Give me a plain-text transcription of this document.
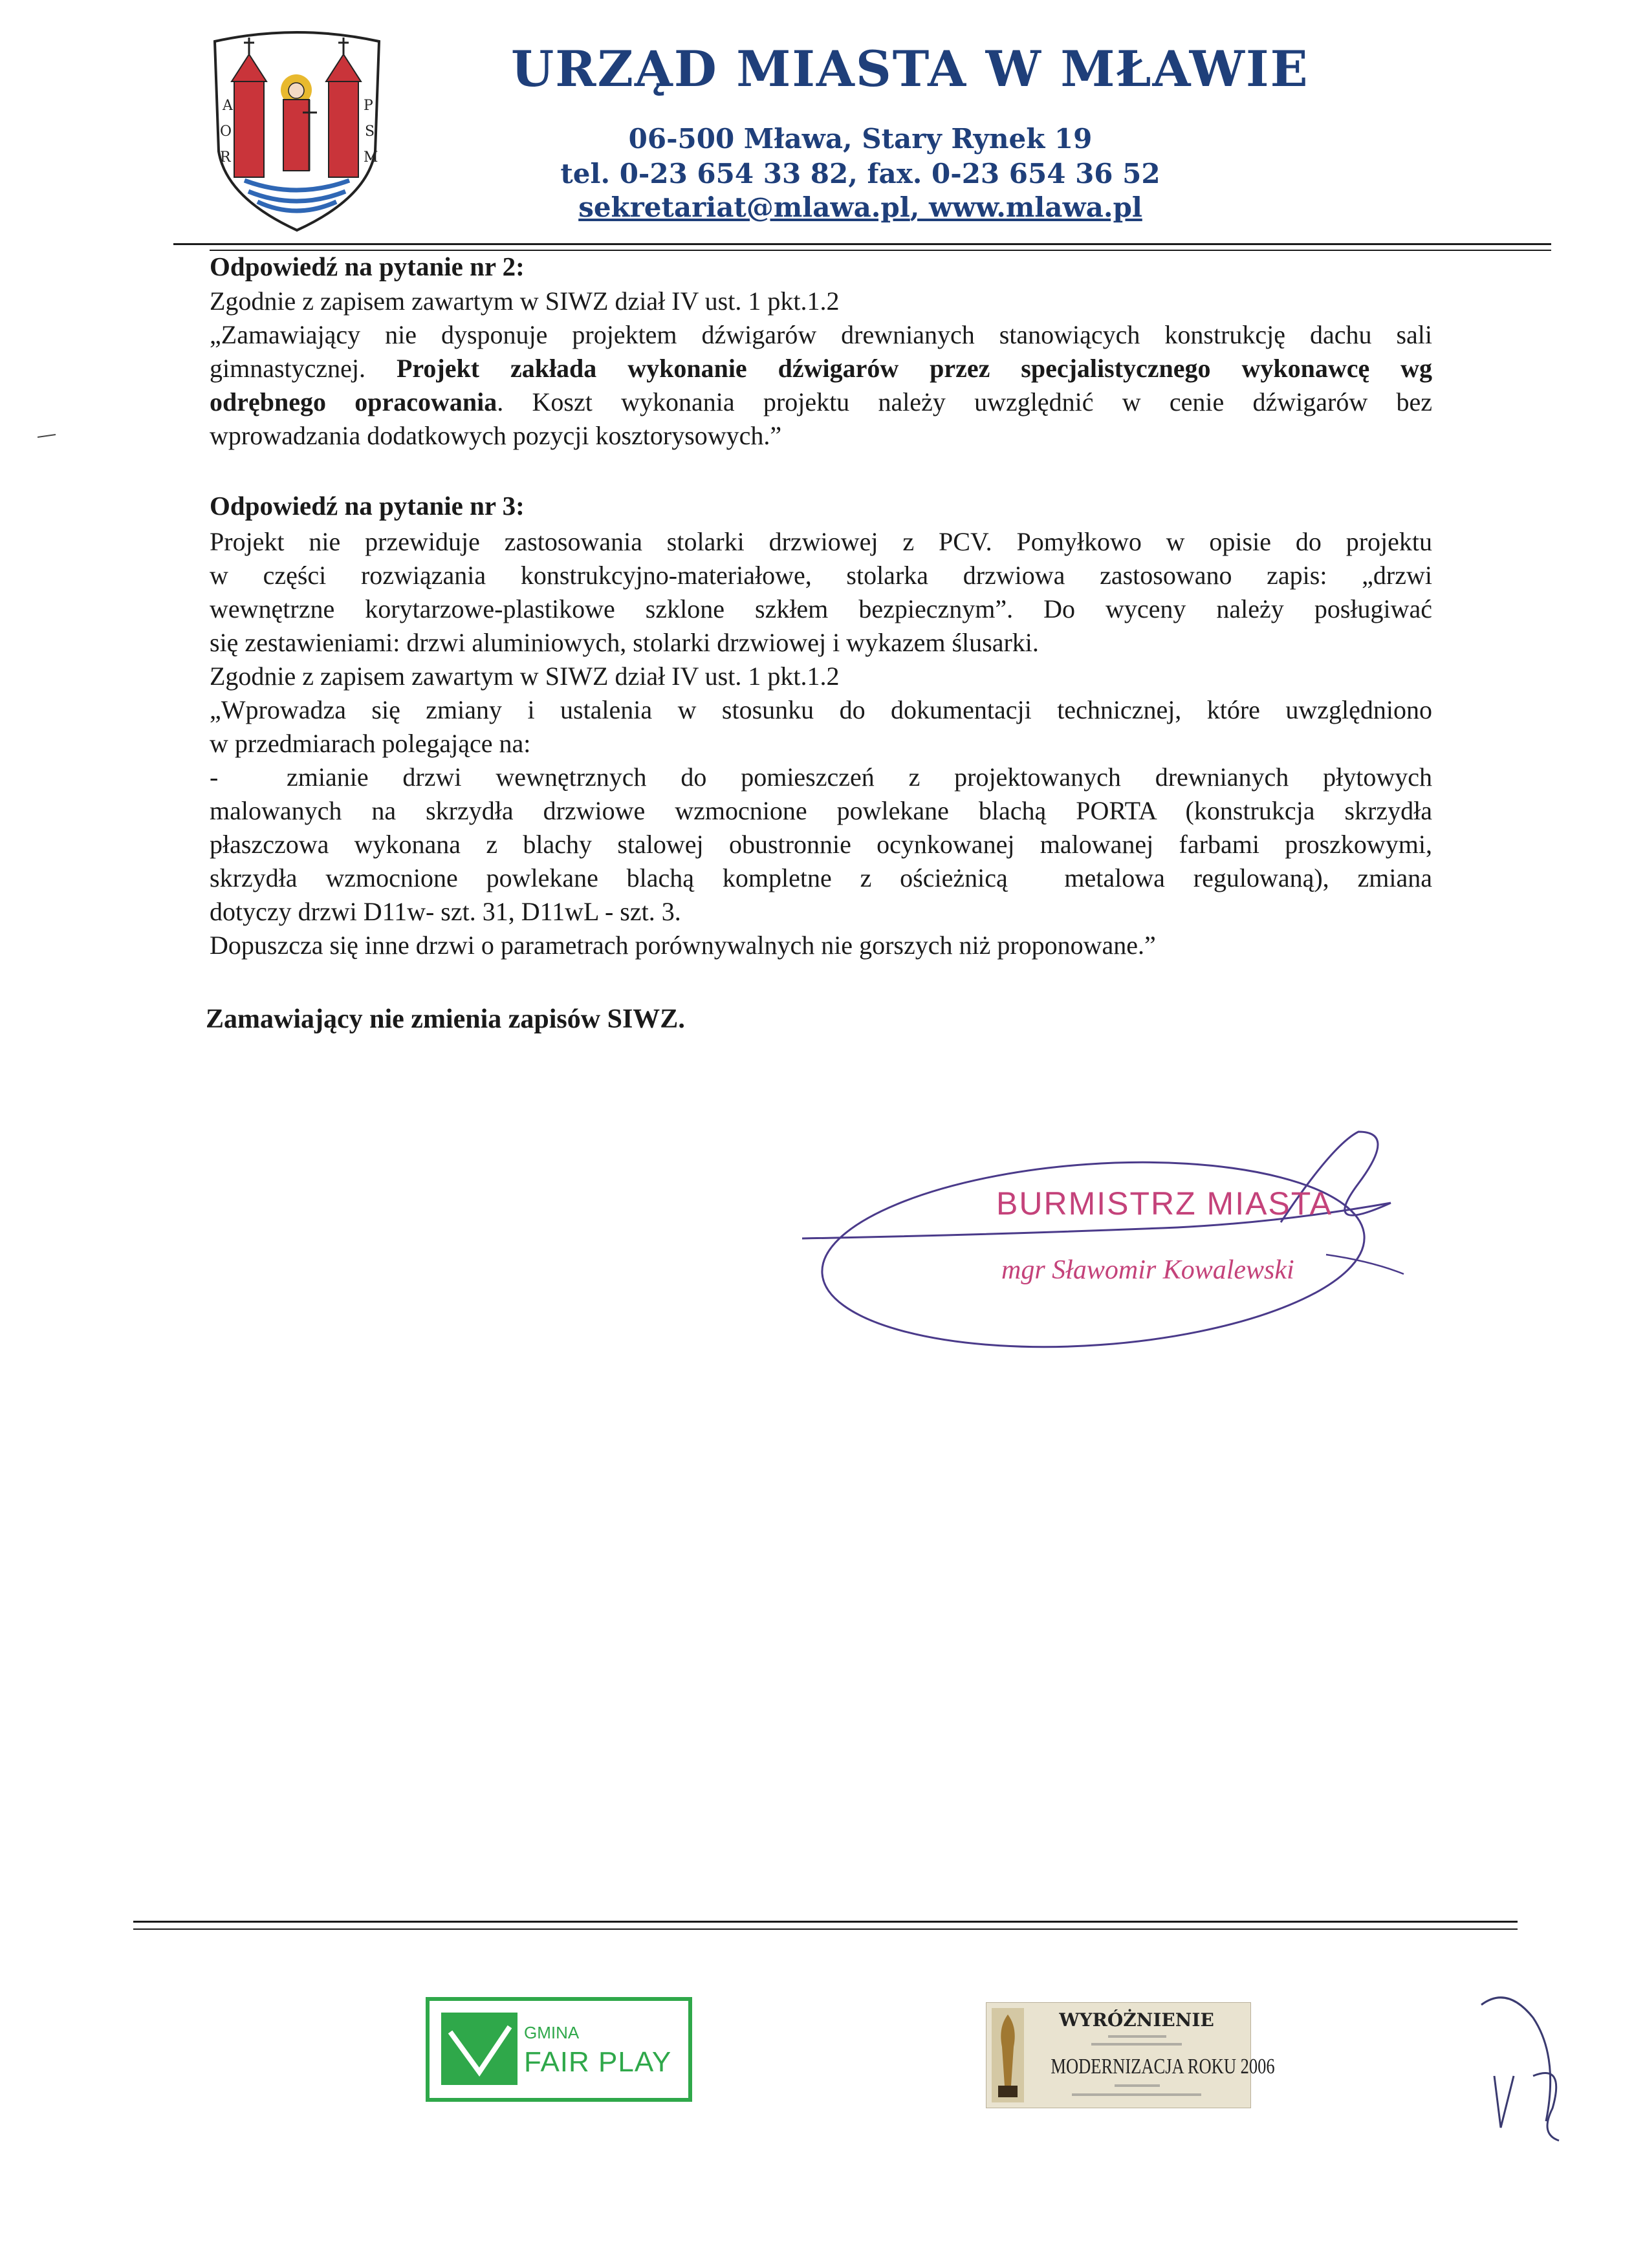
A
O
R
P
S
M
URZĄD MIASTA W MŁAWIE
06-500 Mława, Stary Rynek 19
tel. 0-23 654 33 82, fax. 0-23 654 36 52
sekretariat@mlawa.pl, www.mlawa.pl
Odpowiedź na pytanie nr 2:
Zgodnie z zapisem zawartym w SIWZ dział IV ust. 1 pkt.1.2
„Zamawiający nie dysponuje projektem dźwigarów drewnianych stanowiących konstrukcję dachu sali
gimnastycznej. Projekt zakłada wykonanie dźwigarów przez specjalistycznego wykonawcę wg
odrębnego opracowania. Koszt wykonania projektu należy uwzględnić w cenie dźwigarów bez
wprowadzania dodatkowych pozycji kosztorysowych.”
Odpowiedź na pytanie nr 3:
Projekt nie przewiduje zastosowania stolarki drzwiowej z PCV. Pomyłkowo w opisie do projektu
w części rozwiązania konstrukcyjno-materiałowe, stolarka drzwiowa zastosowano zapis: „drzwi
wewnętrzne korytarzowe-plastikowe szklone szkłem bezpiecznym”. Do wyceny należy posługiwać
się zestawieniami: drzwi aluminiowych, stolarki drzwiowej i wykazem ślusarki.
Zgodnie z zapisem zawartym w SIWZ dział IV ust. 1 pkt.1.2
„Wprowadza się zmiany i ustalenia w stosunku do dokumentacji technicznej, które uwzględniono
w przedmiarach polegające na:
-  zmianie drzwi wewnętrznych do pomieszczeń z projektowanych drewnianych płytowych
malowanych na skrzydła drzwiowe wzmocnione powlekane blachą PORTA (konstrukcja skrzydła
płaszczowa wykonana z blachy stalowej obustronnie ocynkowanej malowanej farbami proszkowymi,
skrzydła wzmocnione powlekane blachą kompletne z ościeżnicą  metalowa regulowaną), zmiana
dotyczy drzwi D11w- szt. 31, D11wL - szt. 3.
Dopuszcza się inne drzwi o parametrach porównywalnych nie gorszych niż proponowane.”
Zamawiający nie zmienia zapisów SIWZ.
BURMISTRZ MIASTA
mgr Sławomir Kowalewski
GMINA
FAIR PLAY
WYRÓŻNIENIE
MODERNIZACJA ROKU 2006
